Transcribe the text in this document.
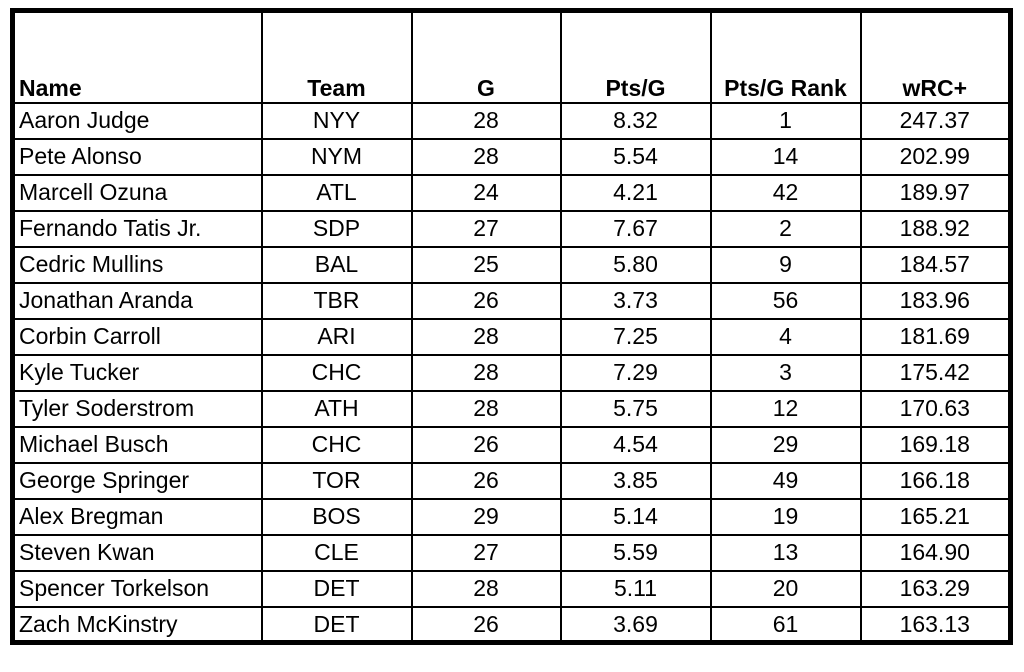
Name	Team	G	Pts/G	Pts/G Rank	wRC+
Aaron Judge	NYY	28	8.32	1	247.37
Pete Alonso	NYM	28	5.54	14	202.99
Marcell Ozuna	ATL	24	4.21	42	189.97
Fernando Tatis Jr.	SDP	27	7.67	2	188.92
Cedric Mullins	BAL	25	5.80	9	184.57
Jonathan Aranda	TBR	26	3.73	56	183.96
Corbin Carroll	ARI	28	7.25	4	181.69
Kyle Tucker	CHC	28	7.29	3	175.42
Tyler Soderstrom	ATH	28	5.75	12	170.63
Michael Busch	CHC	26	4.54	29	169.18
George Springer	TOR	26	3.85	49	166.18
Alex Bregman	BOS	29	5.14	19	165.21
Steven Kwan	CLE	27	5.59	13	164.90
Spencer Torkelson	DET	28	5.11	20	163.29
Zach McKinstry	DET	26	3.69	61	163.13
